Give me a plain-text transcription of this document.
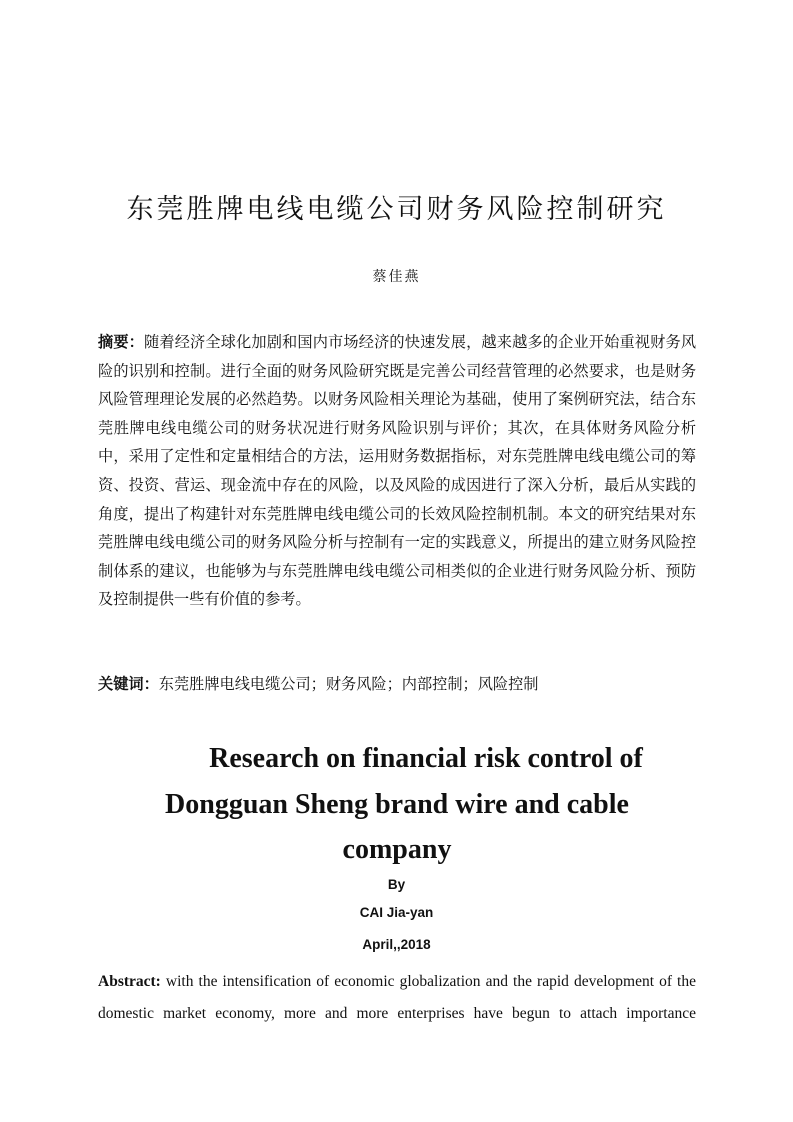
东莞胜牌电线电缆公司财务风险控制研究
蔡佳燕

摘要：随着经济全球化加剧和国内市场经济的快速发展，越来越多的企业开始重视财务风险的识别和控制。进行全面的财务风险研究既是完善公司经营管理的必然要求，也是财务风险管理理论发展的必然趋势。以财务风险相关理论为基础，使用了案例研究法，结合东莞胜牌电线电缆公司的财务状况进行财务风险识别与评价；其次，在具体财务风险分析中，采用了定性和定量相结合的方法，运用财务数据指标，对东莞胜牌电线电缆公司的筹资、投资、营运、现金流中存在的风险，以及风险的成因进行了深入分析，最后从实践的角度，提出了构建针对东莞胜牌电线电缆公司的长效风险控制机制。本文的研究结果对东莞胜牌电线电缆公司的财务风险分析与控制有一定的实践意义，所提出的建立财务风险控制体系的建议，也能够为与东莞胜牌电线电缆公司相类似的企业进行财务风险分析、预防及控制提供一些有价值的参考。

关键词：东莞胜牌电线电缆公司；财务风险；内部控制；风险控制

Research on financial risk control of
Dongguan Sheng brand wire and cable
company
By
CAI Jia-yan
April,,2018

Abstract: with the intensification of economic globalization and the rapid development of the domestic market economy, more and more enterprises have begun to attach importance
